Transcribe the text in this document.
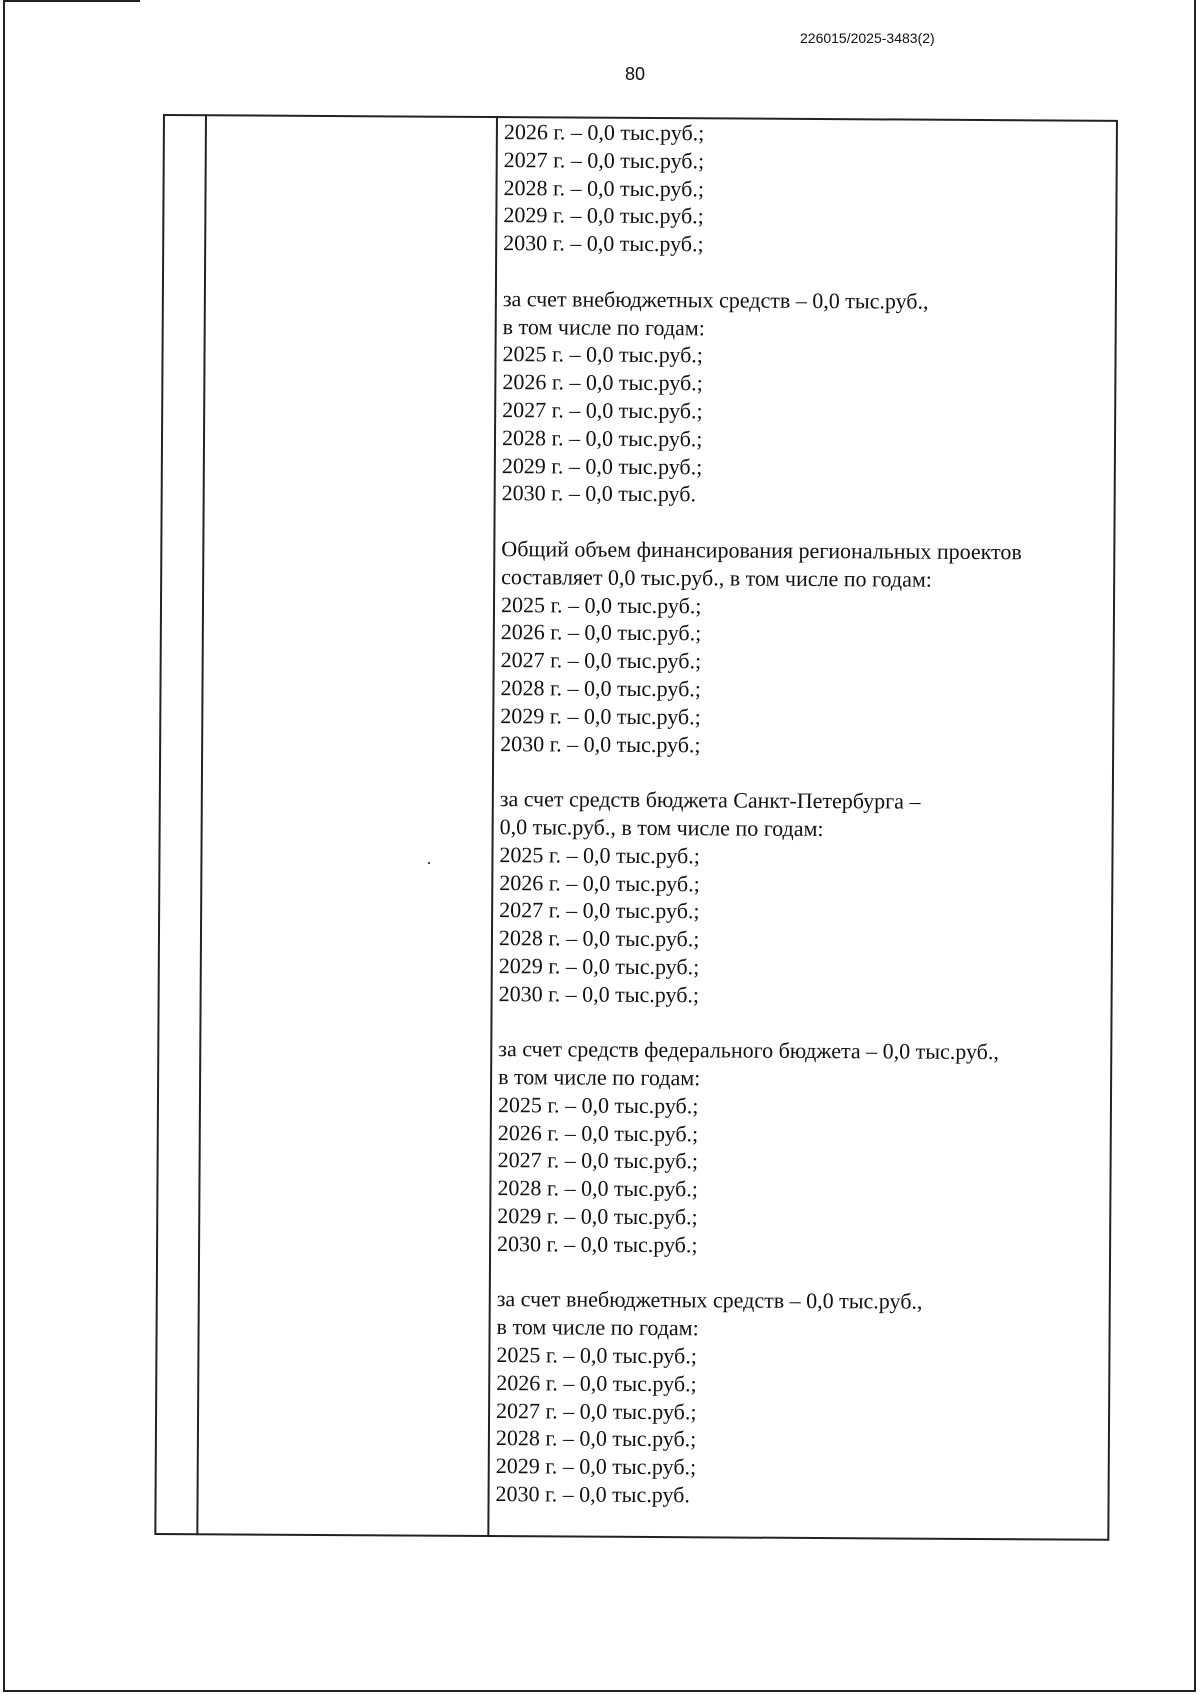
226015/2025-3483(2)
80
2026 г. – 0,0 тыс.руб.;
2027 г. – 0,0 тыс.руб.;
2028 г. – 0,0 тыс.руб.;
2029 г. – 0,0 тыс.руб.;
2030 г. – 0,0 тыс.руб.;
за счет внебюджетных средств – 0,0 тыс.руб.,
в том числе по годам:
2025 г. – 0,0 тыс.руб.;
2026 г. – 0,0 тыс.руб.;
2027 г. – 0,0 тыс.руб.;
2028 г. – 0,0 тыс.руб.;
2029 г. – 0,0 тыс.руб.;
2030 г. – 0,0 тыс.руб.
Общий объем финансирования региональных проектов
составляет 0,0 тыс.руб., в том числе по годам:
2025 г. – 0,0 тыс.руб.;
2026 г. – 0,0 тыс.руб.;
2027 г. – 0,0 тыс.руб.;
2028 г. – 0,0 тыс.руб.;
2029 г. – 0,0 тыс.руб.;
2030 г. – 0,0 тыс.руб.;
за счет средств бюджета Санкт-Петербурга –
0,0 тыс.руб., в том числе по годам:
2025 г. – 0,0 тыс.руб.;
2026 г. – 0,0 тыс.руб.;
2027 г. – 0,0 тыс.руб.;
2028 г. – 0,0 тыс.руб.;
2029 г. – 0,0 тыс.руб.;
2030 г. – 0,0 тыс.руб.;
за счет средств федерального бюджета – 0,0 тыс.руб.,
в том числе по годам:
2025 г. – 0,0 тыс.руб.;
2026 г. – 0,0 тыс.руб.;
2027 г. – 0,0 тыс.руб.;
2028 г. – 0,0 тыс.руб.;
2029 г. – 0,0 тыс.руб.;
2030 г. – 0,0 тыс.руб.;
за счет внебюджетных средств – 0,0 тыс.руб.,
в том числе по годам:
2025 г. – 0,0 тыс.руб.;
2026 г. – 0,0 тыс.руб.;
2027 г. – 0,0 тыс.руб.;
2028 г. – 0,0 тыс.руб.;
2029 г. – 0,0 тыс.руб.;
2030 г. – 0,0 тыс.руб.
